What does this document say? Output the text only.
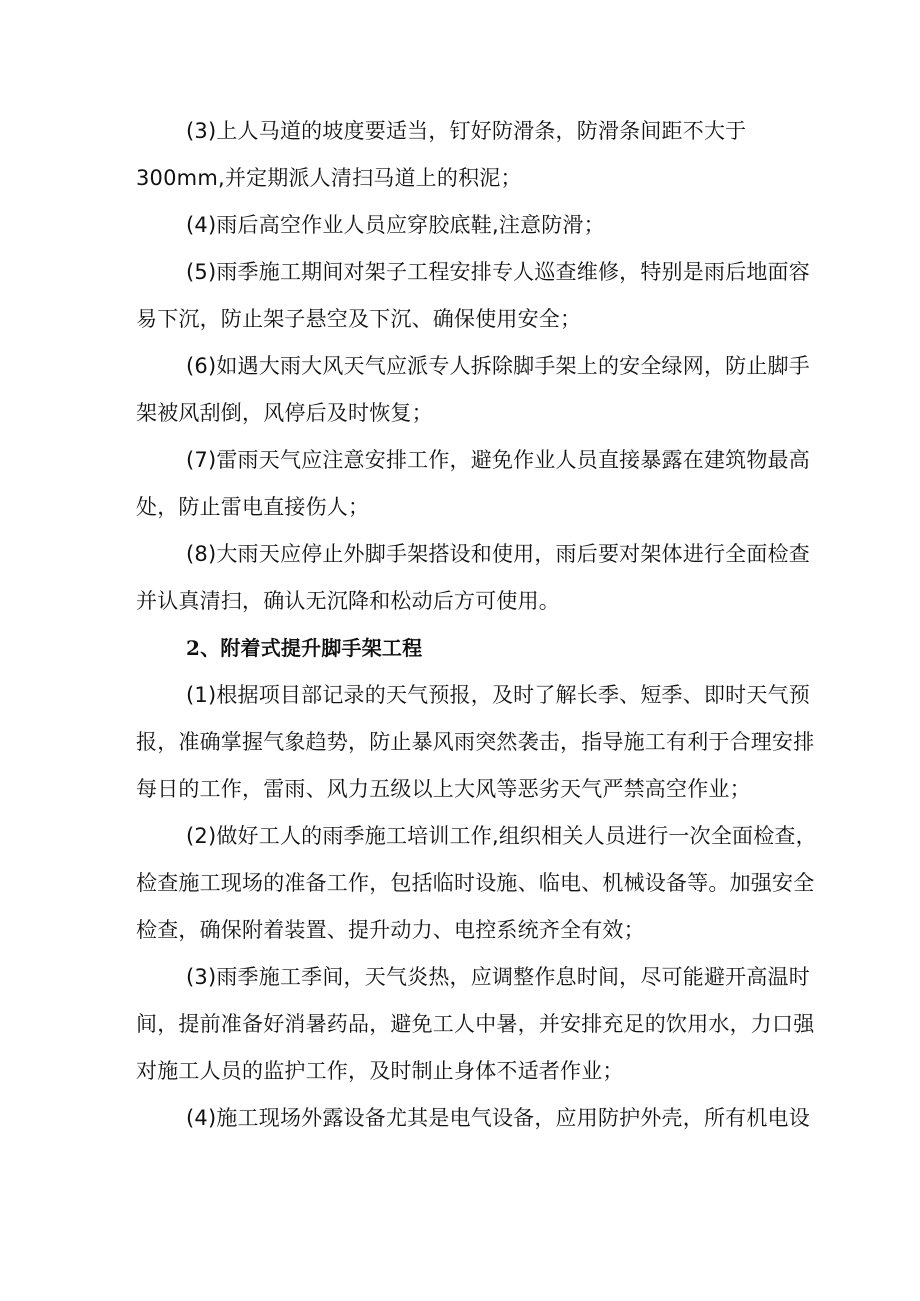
(3)上人马道的坡度要适当，钉好防滑条，防滑条间距不大于
300mm,并定期派人清扫马道上的积泥；
(4)雨后高空作业人员应穿胶底鞋,注意防滑；
(5)雨季施工期间对架子工程安排专人巡查维修，特别是雨后地面容
易下沉，防止架子悬空及下沉、确保使用安全；
(6)如遇大雨大风天气应派专人拆除脚手架上的安全绿网，防止脚手
架被风刮倒，风停后及时恢复；
(7)雷雨天气应注意安排工作，避免作业人员直接暴露在建筑物最高
处，防止雷电直接伤人；
(8)大雨天应停止外脚手架搭设和使用，雨后要对架体进行全面检查
并认真清扫，确认无沉降和松动后方可使用。
2、附着式提升脚手架工程
(1)根据项目部记录的天气预报，及时了解长季、短季、即时天气预
报，准确掌握气象趋势，防止暴风雨突然袭击，指导施工有利于合理安排
每日的工作，雷雨、风力五级以上大风等恶劣天气严禁高空作业；
(2)做好工人的雨季施工培训工作,组织相关人员进行一次全面检查，
检查施工现场的准备工作，包括临时设施、临电、机械设备等。加强安全
检查，确保附着装置、提升动力、电控系统齐全有效；
(3)雨季施工季间，天气炎热，应调整作息时间，尽可能避开高温时
间，提前准备好消暑药品，避免工人中暑，并安排充足的饮用水，力口强
对施工人员的监护工作，及时制止身体不适者作业；
(4)施工现场外露设备尤其是电气设备，应用防护外壳，所有机电设
